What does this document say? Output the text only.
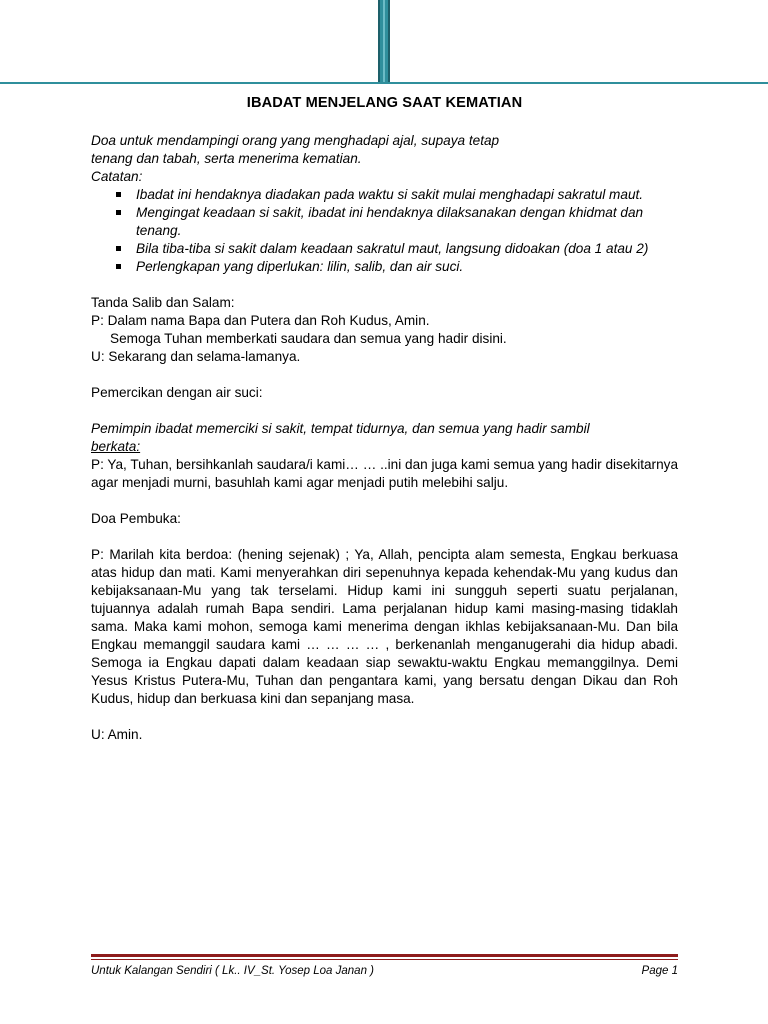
IBADAT MENJELANG SAAT KEMATIAN

Doa untuk mendampingi orang yang menghadapi ajal, supaya tetap

tenang dan tabah, serta menerima kematian.

Catatan:

Ibadat ini hendaknya diadakan pada waktu si sakit mulai menghadapi sakratul maut.
Mengingat keadaan si sakit, ibadat ini hendaknya dilaksanakan dengan khidmat dan tenang.
Bila tiba-tiba si sakit dalam keadaan sakratul maut, langsung didoakan (doa 1 atau 2)
Perlengkapan yang diperlukan: lilin, salib, dan air suci.

Tanda Salib dan Salam:

P: Dalam nama Bapa dan Putera dan Roh Kudus, Amin.

Semoga Tuhan memberkati saudara dan semua yang hadir disini.

U: Sekarang dan selama-lamanya.

Pemercikan dengan air suci:

Pemimpin ibadat memerciki si sakit, tempat tidurnya, dan semua yang hadir sambil

berkata:

P: Ya, Tuhan, bersihkanlah saudara/i kami… … ..ini dan juga kami semua yang hadir disekitarnya agar menjadi murni, basuhlah kami agar menjadi putih melebihi salju.

Doa Pembuka:

P: Marilah kita berdoa: (hening sejenak) ; Ya, Allah, pencipta alam semesta, Engkau berkuasa atas hidup dan mati. Kami menyerahkan diri sepenuhnya kepada kehendak-Mu yang kudus dan kebijaksanaan-Mu yang tak terselami. Hidup kami ini sungguh seperti suatu perjalanan, tujuannya adalah rumah Bapa sendiri. Lama perjalanan hidup kami masing-masing tidaklah sama. Maka kami mohon, semoga kami menerima dengan ikhlas kebijaksanaan-Mu. Dan bila Engkau memanggil saudara kami … … … … , berkenanlah menganugerahi dia hidup abadi. Semoga ia Engkau dapati dalam keadaan siap sewaktu-waktu Engkau memanggilnya. Demi Yesus Kristus Putera-Mu, Tuhan dan pengantara kami, yang bersatu dengan Dikau dan Roh Kudus, hidup dan berkuasa kini dan sepanjang masa.

U: Amin.

Untuk Kalangan Sendiri ( Lk.. IV_St. Yosep Loa Janan )	Page 1
